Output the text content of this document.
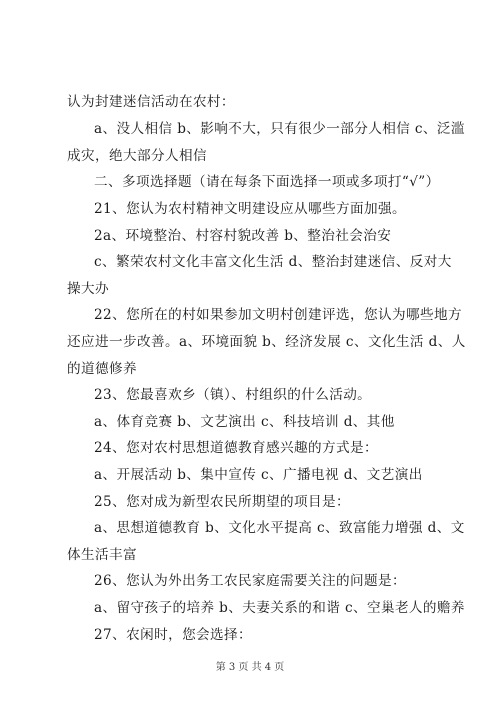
认为封建迷信活动在农村：
a、没人相信 b、影响不大，只有很少一部分人相信 c、泛滥
成灾，绝大部分人相信
二、多项选择题（请在每条下面选择一项或多项打“√”）
21、您认为农村精神文明建设应从哪些方面加强。
2a、环境整治、村容村貌改善 b、整治社会治安
c、繁荣农村文化丰富文化生活 d、整治封建迷信、反对大
操大办
22、您所在的村如果参加文明村创建评选，您认为哪些地方
还应进一步改善。a、环境面貌 b、经济发展 c、文化生活 d、人
的道德修养
23、您最喜欢乡（镇）、村组织的什么活动。
a、体育竞赛 b、文艺演出 c、科技培训 d、其他
24、您对农村思想道德教育感兴趣的方式是：
a、开展活动 b、集中宣传 c、广播电视 d、文艺演出
25、您对成为新型农民所期望的项目是：
a、思想道德教育 b、文化水平提高 c、致富能力增强 d、文
体生活丰富
26、您认为外出务工农民家庭需要关注的问题是：
a、留守孩子的培养 b、夫妻关系的和谐 c、空巢老人的赡养
27、农闲时，您会选择：
第 3 页 共 4 页
